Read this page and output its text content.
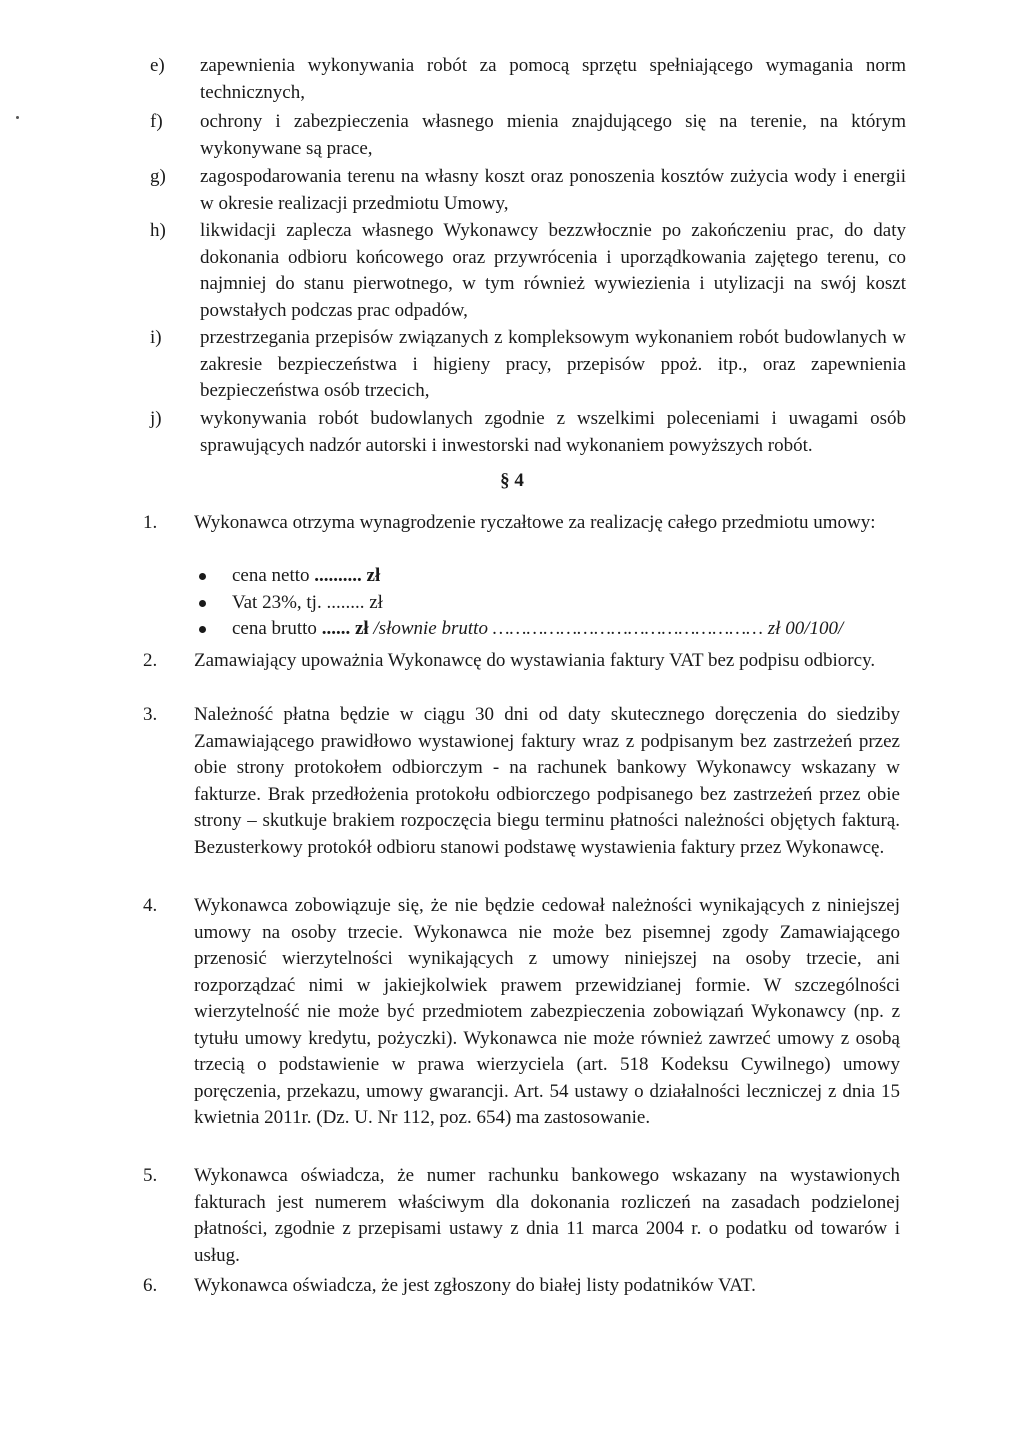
e) zapewnienia wykonywania robót za pomocą sprzętu spełniającego wymagania norm technicznych,

f) ochrony i zabezpieczenia własnego mienia znajdującego się na terenie, na którym wykonywane są prace,

g) zagospodarowania terenu na własny koszt oraz ponoszenia kosztów zużycia wody i energii w okresie realizacji przedmiotu Umowy,

h) likwidacji zaplecza własnego Wykonawcy bezzwłocznie po zakończeniu prac, do daty dokonania odbioru końcowego oraz przywrócenia i uporządkowania zajętego terenu, co najmniej do stanu pierwotnego, w tym również wywiezienia i utylizacji na swój koszt powstałych podczas prac odpadów,

i) przestrzegania przepisów związanych z kompleksowym wykonaniem robót budowlanych w zakresie bezpieczeństwa i higieny pracy, przepisów ppoż. itp., oraz zapewnienia bezpieczeństwa osób trzecich,

j) wykonywania robót budowlanych zgodnie z wszelkimi poleceniami i uwagami osób sprawujących nadzór autorski i inwestorski nad wykonaniem powyższych robót.

§ 4
1. Wykonawca otrzyma wynagrodzenie ryczałtowe za realizację całego przedmiotu umowy:

cena netto .......... zł
Vat 23%, tj. ........ zł
cena brutto ...... zł /słownie brutto ………………………………………… zł 00/100/
2. Zamawiający upoważnia Wykonawcę do wystawiania faktury VAT bez podpisu odbiorcy.

3. Należność płatna będzie w ciągu 30 dni od daty skutecznego doręczenia do siedziby Zamawiającego prawidłowo wystawionej faktury wraz z podpisanym bez zastrzeżeń przez obie strony protokołem odbiorczym - na rachunek bankowy Wykonawcy wskazany w fakturze. Brak przedłożenia protokołu odbiorczego podpisanego bez zastrzeżeń przez obie strony – skutkuje brakiem rozpoczęcia biegu terminu płatności należności objętych fakturą. Bezusterkowy protokół odbioru stanowi podstawę wystawienia faktury przez Wykonawcę.

4. Wykonawca zobowiązuje się, że nie będzie cedował należności wynikających z niniejszej umowy na osoby trzecie. Wykonawca nie może bez pisemnej zgody Zamawiającego przenosić wierzytelności wynikających z umowy niniejszej na osoby trzecie, ani rozporządzać nimi w jakiejkolwiek prawem przewidzianej formie. W szczególności wierzytelność nie może być przedmiotem zabezpieczenia zobowiązań Wykonawcy (np. z tytułu umowy kredytu, pożyczki). Wykonawca nie może również zawrzeć umowy z osobą trzecią o podstawienie w prawa wierzyciela (art. 518 Kodeksu Cywilnego) umowy poręczenia, przekazu, umowy gwarancji. Art. 54 ustawy o działalności leczniczej z dnia 15 kwietnia 2011r. (Dz. U. Nr 112, poz. 654) ma zastosowanie.

5. Wykonawca oświadcza, że numer rachunku bankowego wskazany na wystawionych fakturach jest numerem właściwym dla dokonania rozliczeń na zasadach podzielonej płatności, zgodnie z przepisami ustawy z dnia 11 marca 2004 r. o podatku od towarów i usług.

6. Wykonawca oświadcza, że jest zgłoszony do białej listy podatników VAT.
